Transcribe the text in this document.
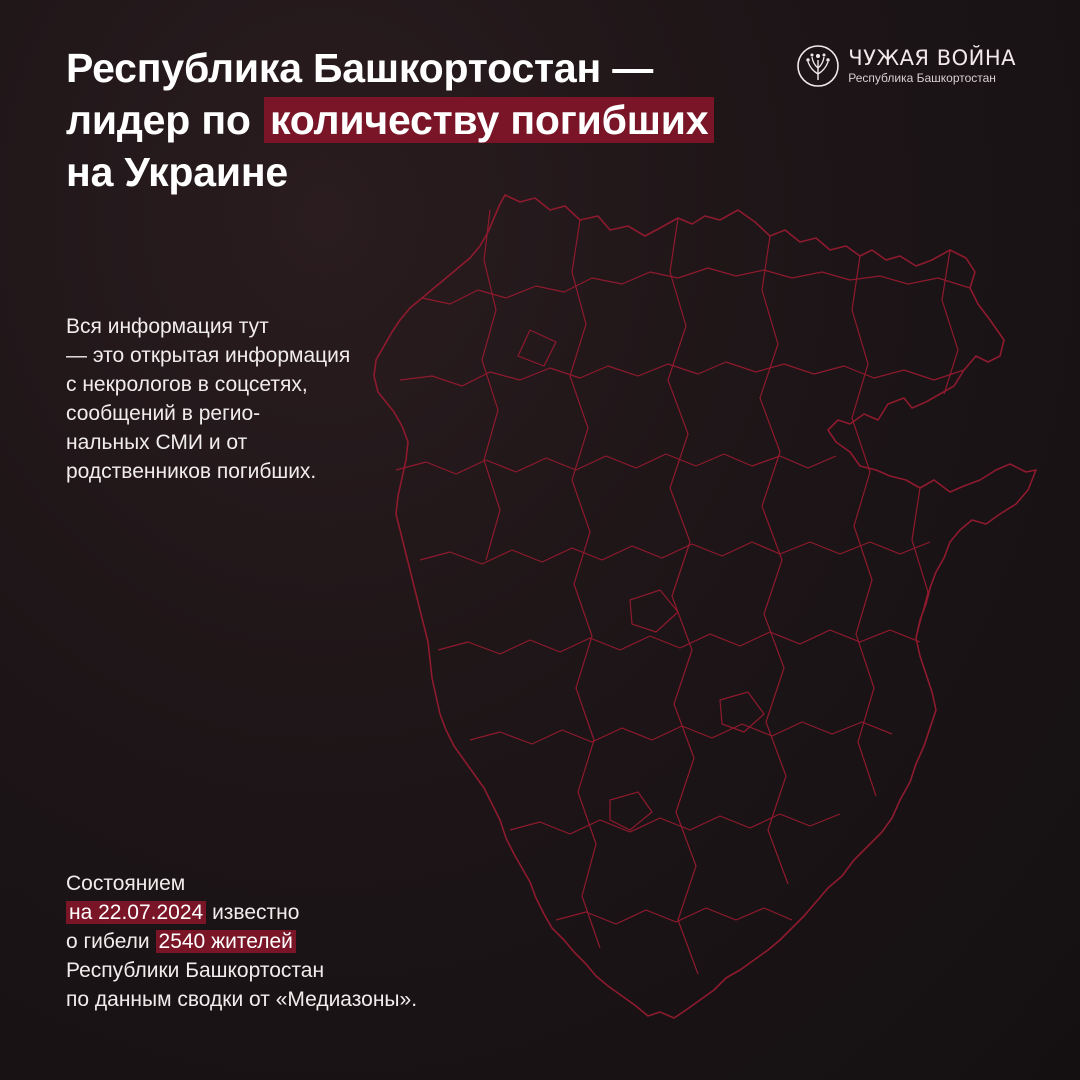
Республика Башкортостан —
лидер по количеству погибших
на Украине
ЧУЖАЯ ВОЙНА
Республика Башкортостан
Вся информация тут
— это открытая информация
с некрологов в соцсетях,
сообщений в регио-
нальных СМИ и от
родственников погибших.
Состоянием
на 22.07.2024 известно
о гибели 2540 жителей
Республики Башкортостан
по данным сводки от «Медиазоны».
